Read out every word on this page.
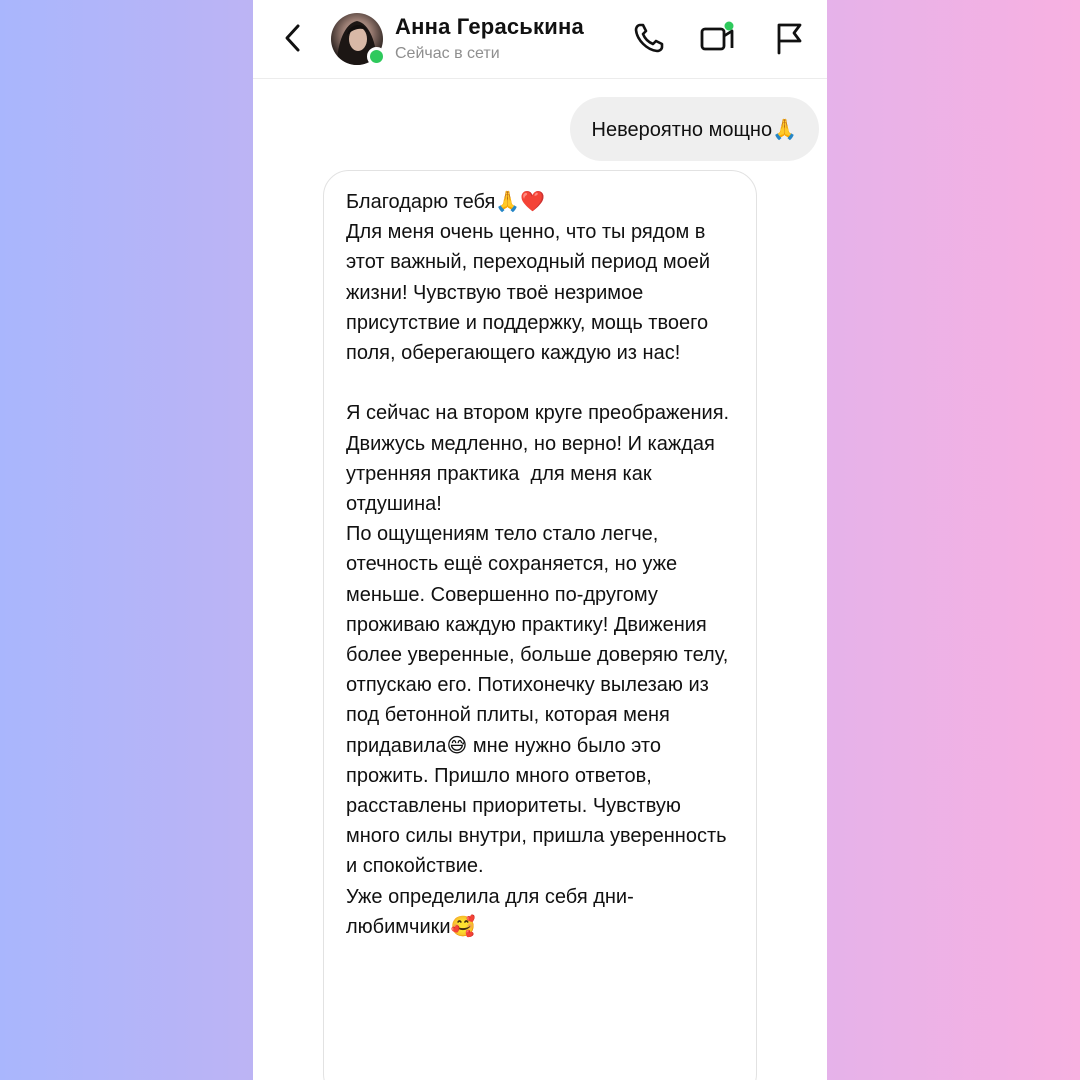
Анна Гераськина
Сейчас в сети
Невероятно мощно🙏
Благодарю тебя🙏❤️
Для меня очень ценно, что ты рядом в этот важный, переходный период моей жизни! Чувствую твоё незримое присутствие и поддержку, мощь твоего поля, оберегающего каждую из нас!

Я сейчас на втором круге преображения. Движусь медленно, но верно! И каждая утренняя практика  для меня как отдушина!
По ощущениям тело стало легче, отечность ещё сохраняется, но уже меньше. Совершенно по-другому проживаю каждую практику! Движения более уверенные, больше доверяю телу, отпускаю его. Потихонечку вылезаю из под бетонной плиты, которая меня придавила😅 мне нужно было это прожить. Пришло много ответов, расставлены приоритеты. Чувствую много силы внутри, пришла уверенность и спокойствие.
Уже определила для себя дни-любимчики🥰
